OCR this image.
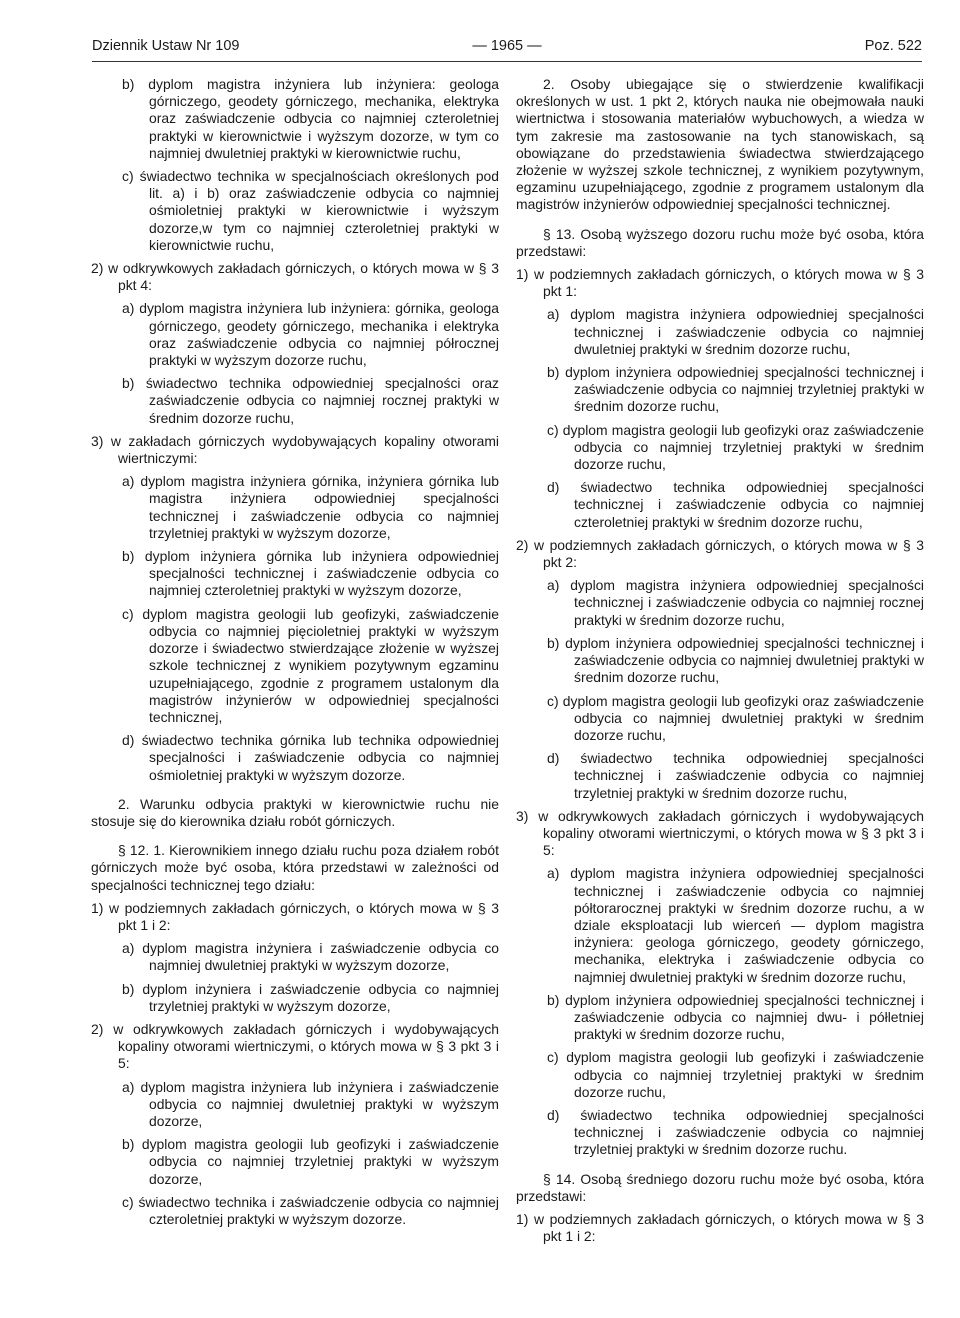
Dziennik Ustaw Nr 109	— 1965 —	Poz. 522

b) dyplom magistra inżyniera lub inżyniera: geologa górniczego, geodety górniczego, mechanika, elektryka oraz zaświadczenie odbycia co najmniej czteroletniej praktyki w kierownictwie i wyższym dozorze, w tym co najmniej dwuletniej praktyki w kierownictwie ruchu,

c) świadectwo technika w specjalnościach określonych pod lit. a) i b) oraz zaświadczenie odbycia co najmniej ośmioletniej praktyki w kierownictwie i wyższym dozorze,w tym co najmniej czteroletniej praktyki w kierownictwie ruchu,

2) w odkrywkowych zakładach górniczych, o których mowa w § 3 pkt 4:

a) dyplom magistra inżyniera lub inżyniera: górnika, geologa górniczego, geodety górniczego, mechanika i elektryka oraz zaświadczenie odbycia co najmniej półrocznej praktyki w wyższym dozorze ruchu,

b) świadectwo technika odpowiedniej specjalności oraz zaświadczenie odbycia co najmniej rocznej praktyki w średnim dozorze ruchu,

3) w zakładach górniczych wydobywających kopaliny otworami wiertniczymi:

a) dyplom magistra inżyniera górnika, inżyniera górnika lub magistra inżyniera odpowiedniej specjalności technicznej i zaświadczenie odbycia co najmniej trzyletniej praktyki w wyższym dozorze,

b) dyplom inżyniera górnika lub inżyniera odpowiedniej specjalności technicznej i zaświadczenie odbycia co najmniej czteroletniej praktyki w wyższym dozorze,

c) dyplom magistra geologii lub geofizyki, zaświadczenie odbycia co najmniej pięcioletniej praktyki w wyższym dozorze i świadectwo stwierdzające złożenie w wyższej szkole technicznej z wynikiem pozytywnym egzaminu uzupełniającego, zgodnie z programem ustalonym dla magistrów inżynierów w odpowiedniej specjalności technicznej,

d) świadectwo technika górnika lub technika odpowiedniej specjalności i zaświadczenie odbycia co najmniej ośmioletniej praktyki w wyższym dozorze.

2. Warunku odbycia praktyki w kierownictwie ruchu nie stosuje się do kierownika działu robót górniczych.

§ 12. 1. Kierownikiem innego działu ruchu poza działem robót górniczych może być osoba, która przedstawi w zależności od specjalności technicznej tego działu:

1) w podziemnych zakładach górniczych, o których mowa w § 3 pkt 1 i 2:

a) dyplom magistra inżyniera i zaświadczenie odbycia co najmniej dwuletniej praktyki w wyższym dozorze,

b) dyplom inżyniera i zaświadczenie odbycia co najmniej trzyletniej praktyki w wyższym dozorze,

2) w odkrywkowych zakładach górniczych i wydobywających kopaliny otworami wiertniczymi, o których mowa w § 3 pkt 3 i 5:

a) dyplom magistra inżyniera lub inżyniera i zaświadczenie odbycia co najmniej dwuletniej praktyki w wyższym dozorze,

b) dyplom magistra geologii lub geofizyki i zaświadczenie odbycia co najmniej trzyletniej praktyki w wyższym dozorze,

c) świadectwo technika i zaświadczenie odbycia co najmniej czteroletniej praktyki w wyższym dozorze.

2. Osoby ubiegające się o stwierdzenie kwalifikacji określonych w ust. 1 pkt 2, których nauka nie obejmowała nauki wiertnictwa i stosowania materiałów wybuchowych, a wiedza w tym zakresie ma zastosowanie na tych stanowiskach, są obowiązane do przedstawienia świadectwa stwierdzającego złożenie w wyższej szkole technicznej, z wynikiem pozytywnym, egzaminu uzupełniającego, zgodnie z programem ustalonym dla magistrów inżynierów odpowiedniej specjalności technicznej.

§ 13. Osobą wyższego dozoru ruchu może być osoba, która przedstawi:

1) w podziemnych zakładach górniczych, o których mowa w § 3 pkt 1:

a) dyplom magistra inżyniera odpowiedniej specjalności technicznej i zaświadczenie odbycia co najmniej dwuletniej praktyki w średnim dozorze ruchu,

b) dyplom inżyniera odpowiedniej specjalności technicznej i zaświadczenie odbycia co najmniej trzyletniej praktyki w średnim dozorze ruchu,

c) dyplom magistra geologii lub geofizyki oraz zaświadczenie odbycia co najmniej trzyletniej praktyki w średnim dozorze ruchu,

d) świadectwo technika odpowiedniej specjalności technicznej i zaświadczenie odbycia co najmniej czteroletniej praktyki w średnim dozorze ruchu,

2) w podziemnych zakładach górniczych, o których mowa w § 3 pkt 2:

a) dyplom magistra inżyniera odpowiedniej specjalności technicznej i zaświadczenie odbycia co najmniej rocznej praktyki w średnim dozorze ruchu,

b) dyplom inżyniera odpowiedniej specjalności technicznej i zaświadczenie odbycia co najmniej dwuletniej praktyki w średnim dozorze ruchu,

c) dyplom magistra geologii lub geofizyki oraz zaświadczenie odbycia co najmniej dwuletniej praktyki w średnim dozorze ruchu,

d) świadectwo technika odpowiedniej specjalności technicznej i zaświadczenie odbycia co najmniej trzyletniej praktyki w średnim dozorze ruchu,

3) w odkrywkowych zakładach górniczych i wydobywających kopaliny otworami wiertniczymi, o których mowa w § 3 pkt 3 i 5:

a) dyplom magistra inżyniera odpowiedniej specjalności technicznej i zaświadczenie odbycia co najmniej półtorarocznej praktyki w średnim dozorze ruchu, a w dziale eksploatacji lub wierceń — dyplom magistra inżyniera: geologa górniczego, geodety górniczego, mechanika, elektryka i zaświadczenie odbycia co najmniej dwuletniej praktyki w średnim dozorze ruchu,

b) dyplom inżyniera odpowiedniej specjalności technicznej i zaświadczenie odbycia co najmniej dwu- i półletniej praktyki w średnim dozorze ruchu,

c) dyplom magistra geologii lub geofizyki i zaświadczenie odbycia co najmniej trzyletniej praktyki w średnim dozorze ruchu,

d) świadectwo technika odpowiedniej specjalności technicznej i zaświadczenie odbycia co najmniej trzyletniej praktyki w średnim dozorze ruchu.

§ 14. Osobą średniego dozoru ruchu może być osoba, która przedstawi:

1) w podziemnych zakładach górniczych, o których mowa w § 3 pkt 1 i 2:
